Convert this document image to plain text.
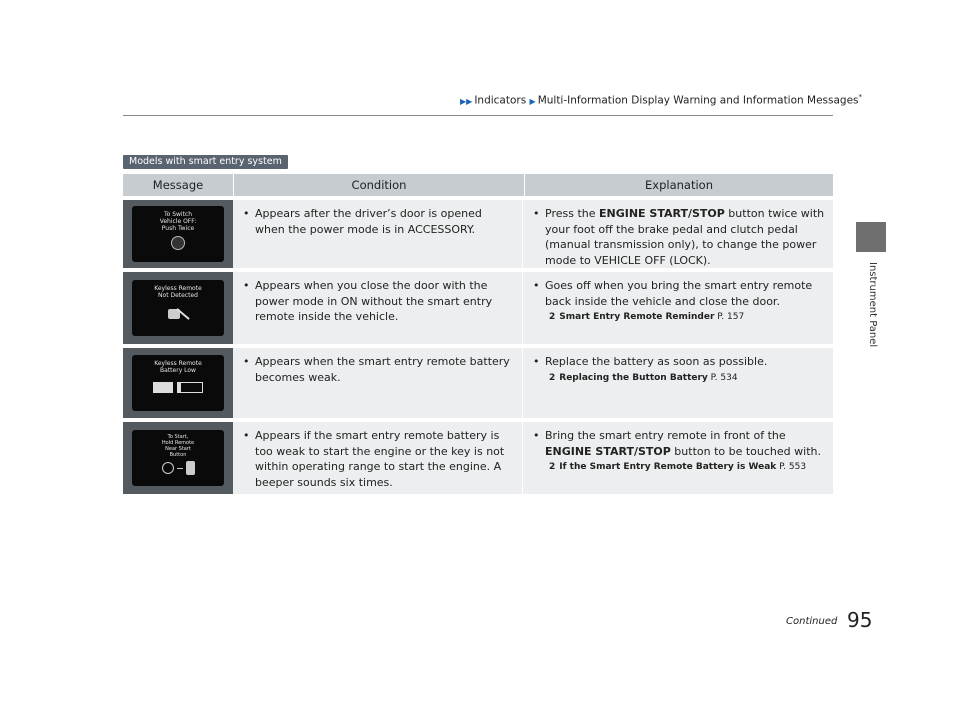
▶▶ Indicators ▶ Multi-Information Display Warning and Information Messages*
Instrument Panel
Models with smart entry system
Message	Condition	Explanation
To Switch
Vehicle OFF:
Push Twice
• Appears after the driver’s door is opened when the power mode is in ACCESSORY.
• Press the ENGINE START/STOP button twice with your foot off the brake pedal and clutch pedal (manual transmission only), to change the power mode to VEHICLE OFF (LOCK).
Keyless Remote
Not Detected
• Appears when you close the door with the power mode in ON without the smart entry remote inside the vehicle.
• Goes off when you bring the smart entry remote back inside the vehicle and close the door.
2 Smart Entry Remote Reminder P. 157
Keyless Remote
Battery Low
• Appears when the smart entry remote battery becomes weak.
• Replace the battery as soon as possible.
2 Replacing the Button Battery P. 534
To Start,
Hold Remote
Near Start
Button
• Appears if the smart entry remote battery is too weak to start the engine or the key is not within operating range to start the engine. A beeper sounds six times.
• Bring the smart entry remote in front of the ENGINE START/STOP button to be touched with.
2 If the Smart Entry Remote Battery is Weak P. 553
Continued 95
